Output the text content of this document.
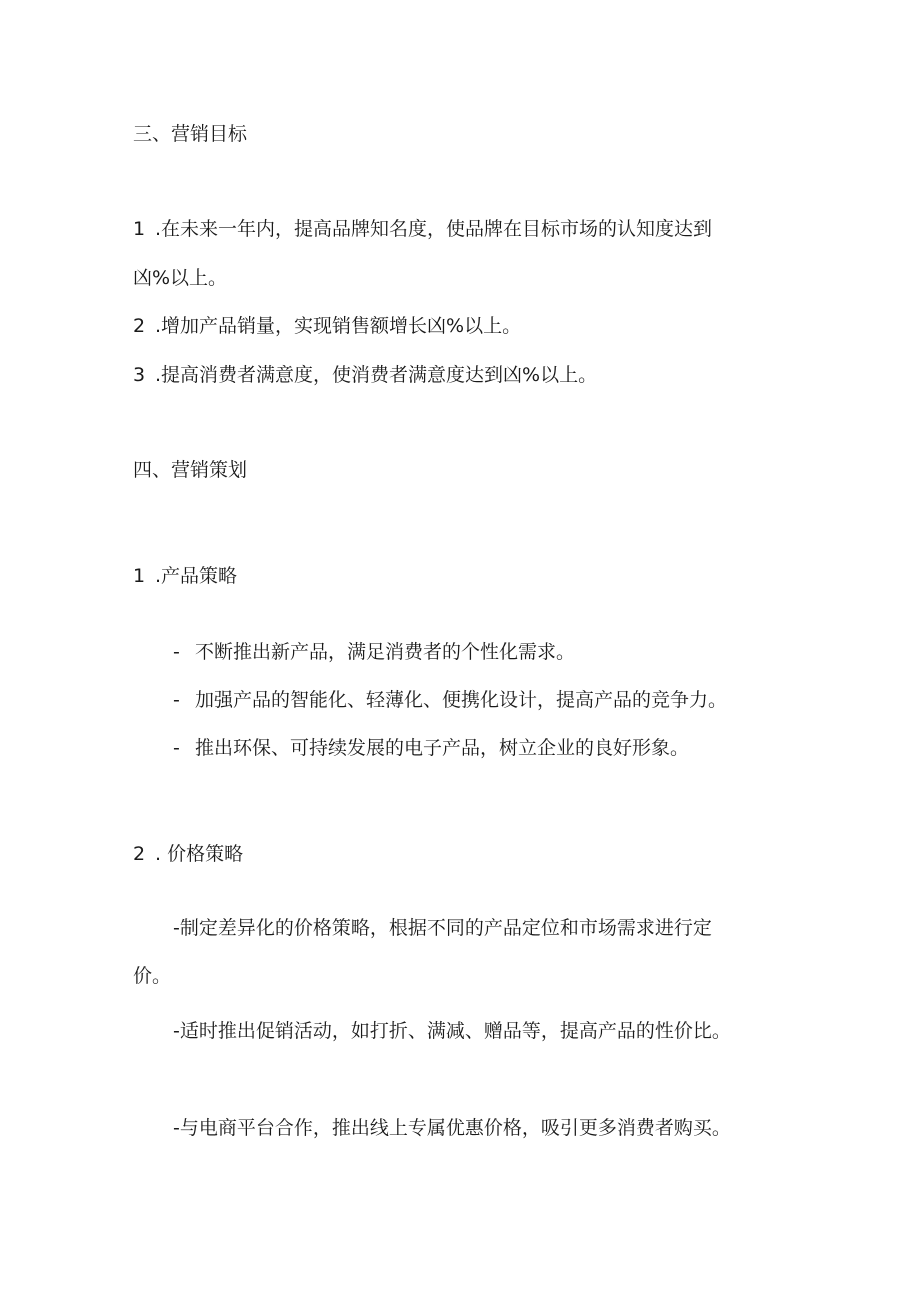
三、营销目标
1 .在未来一年内，提高品牌知名度，使品牌在目标市场的认知度达到
凶%以上。
2 .增加产品销量，实现销售额增长凶%以上。
3 .提高消费者满意度，使消费者满意度达到凶%以上。
四、营销策划
1 .产品策略
- 不断推出新产品，满足消费者的个性化需求。
- 加强产品的智能化、轻薄化、便携化设计，提高产品的竞争力。
- 推出环保、可持续发展的电子产品，树立企业的良好形象。
2 . 价格策略
-制定差异化的价格策略，根据不同的产品定位和市场需求进行定
价。
-适时推出促销活动，如打折、满减、赠品等，提高产品的性价比。
-与电商平台合作，推出线上专属优惠价格，吸引更多消费者购买。
